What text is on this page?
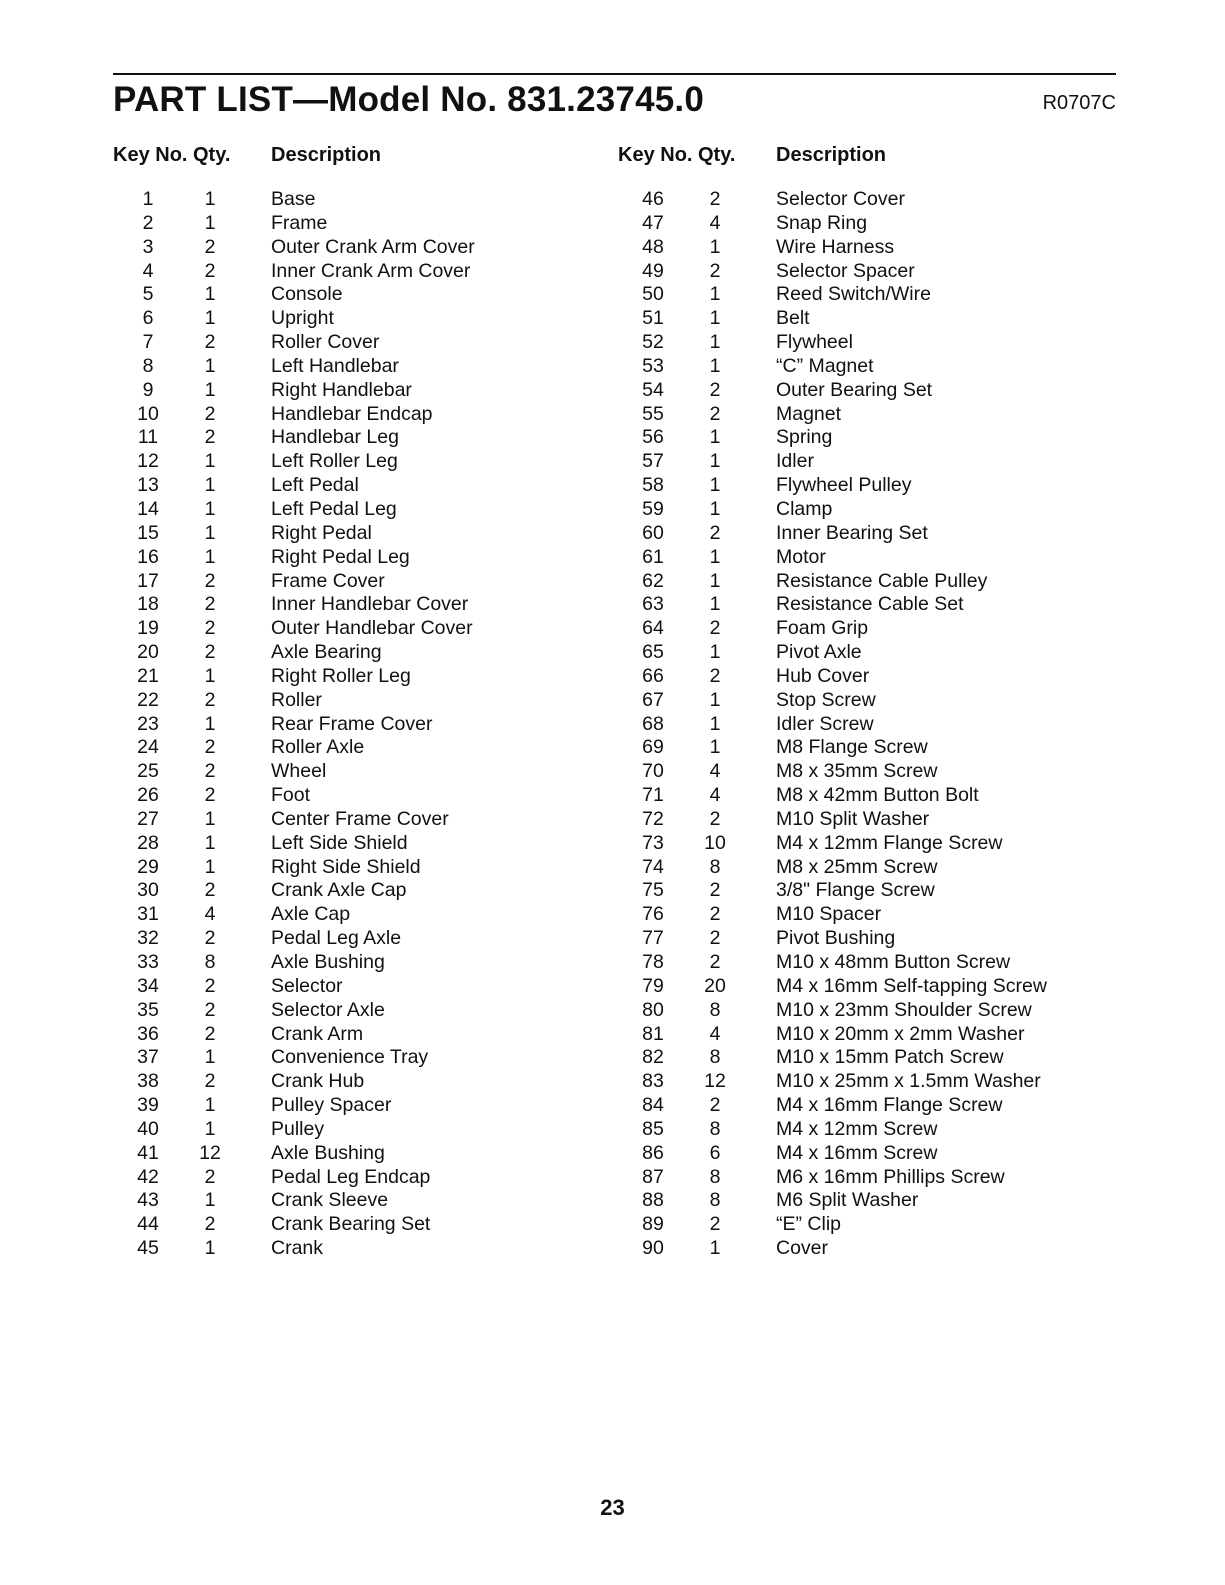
PART LIST—Model No. 831.23745.0	R0707C
Key No. Qty. Description
1	1	Base
2	1	Frame
3	2	Outer Crank Arm Cover
4	2	Inner Crank Arm Cover
5	1	Console
6	1	Upright
7	2	Roller Cover
8	1	Left Handlebar
9	1	Right Handlebar
10	2	Handlebar Endcap
11	2	Handlebar Leg
12	1	Left Roller Leg
13	1	Left Pedal
14	1	Left Pedal Leg
15	1	Right Pedal
16	1	Right Pedal Leg
17	2	Frame Cover
18	2	Inner Handlebar Cover
19	2	Outer Handlebar Cover
20	2	Axle Bearing
21	1	Right Roller Leg
22	2	Roller
23	1	Rear Frame Cover
24	2	Roller Axle
25	2	Wheel
26	2	Foot
27	1	Center Frame Cover
28	1	Left Side Shield
29	1	Right Side Shield
30	2	Crank Axle Cap
31	4	Axle Cap
32	2	Pedal Leg Axle
33	8	Axle Bushing
34	2	Selector
35	2	Selector Axle
36	2	Crank Arm
37	1	Convenience Tray
38	2	Crank Hub
39	1	Pulley Spacer
40	1	Pulley
41	12	Axle Bushing
42	2	Pedal Leg Endcap
43	1	Crank Sleeve
44	2	Crank Bearing Set
45	1	Crank
Key No. Qty. Description
46	2	Selector Cover
47	4	Snap Ring
48	1	Wire Harness
49	2	Selector Spacer
50	1	Reed Switch/Wire
51	1	Belt
52	1	Flywheel
53	1	“C” Magnet
54	2	Outer Bearing Set
55	2	Magnet
56	1	Spring
57	1	Idler
58	1	Flywheel Pulley
59	1	Clamp
60	2	Inner Bearing Set
61	1	Motor
62	1	Resistance Cable Pulley
63	1	Resistance Cable Set
64	2	Foam Grip
65	1	Pivot Axle
66	2	Hub Cover
67	1	Stop Screw
68	1	Idler Screw
69	1	M8 Flange Screw
70	4	M8 x 35mm Screw
71	4	M8 x 42mm Button Bolt
72	2	M10 Split Washer
73	10	M4 x 12mm Flange Screw
74	8	M8 x 25mm Screw
75	2	3/8" Flange Screw
76	2	M10 Spacer
77	2	Pivot Bushing
78	2	M10 x 48mm Button Screw
79	20	M4 x 16mm Self-tapping Screw
80	8	M10 x 23mm Shoulder Screw
81	4	M10 x 20mm x 2mm Washer
82	8	M10 x 15mm Patch Screw
83	12	M10 x 25mm x 1.5mm Washer
84	2	M4 x 16mm Flange Screw
85	8	M4 x 12mm Screw
86	6	M4 x 16mm Screw
87	8	M6 x 16mm Phillips Screw
88	8	M6 Split Washer
89	2	“E” Clip
90	1	Cover
23
